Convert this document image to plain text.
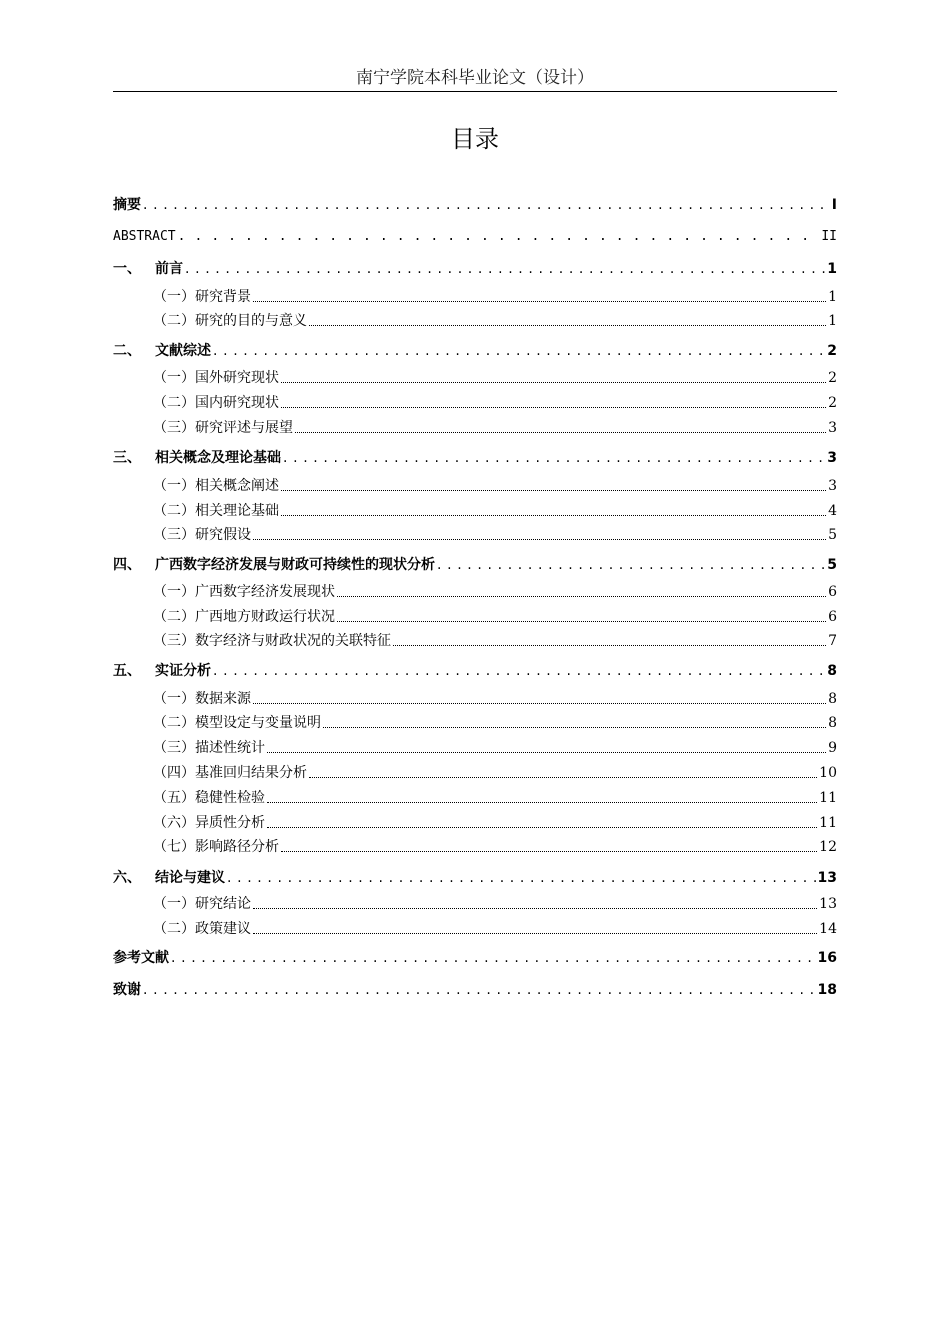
南宁学院本科毕业论文（设计）
目录
摘要 . . .	I
ABSTRACT . . .	II
一、	前言 . . .	1
（一）研究背景	1
（二）研究的目的与意义	1
二、	文献综述 . . .	2
（一）国外研究现状	2
（二）国内研究现状	2
（三）研究评述与展望	3
三、	相关概念及理论基础 . . .	3
（一）相关概念阐述	3
（二）相关理论基础	4
（三）研究假设	5
四、	广西数字经济发展与财政可持续性的现状分析 . . .	5
（一）广西数字经济发展现状	6
（二）广西地方财政运行状况	6
（三）数字经济与财政状况的关联特征	7
五、	实证分析 . . .	8
（一）数据来源	8
（二）模型设定与变量说明	8
（三）描述性统计	9
（四）基准回归结果分析	10
（五）稳健性检验	11
（六）异质性分析	11
（七）影响路径分析	12
六、	结论与建议 . . .	13
（一）研究结论	13
（二）政策建议	14
参考文献 . . .	16
致谢 . . .	18
